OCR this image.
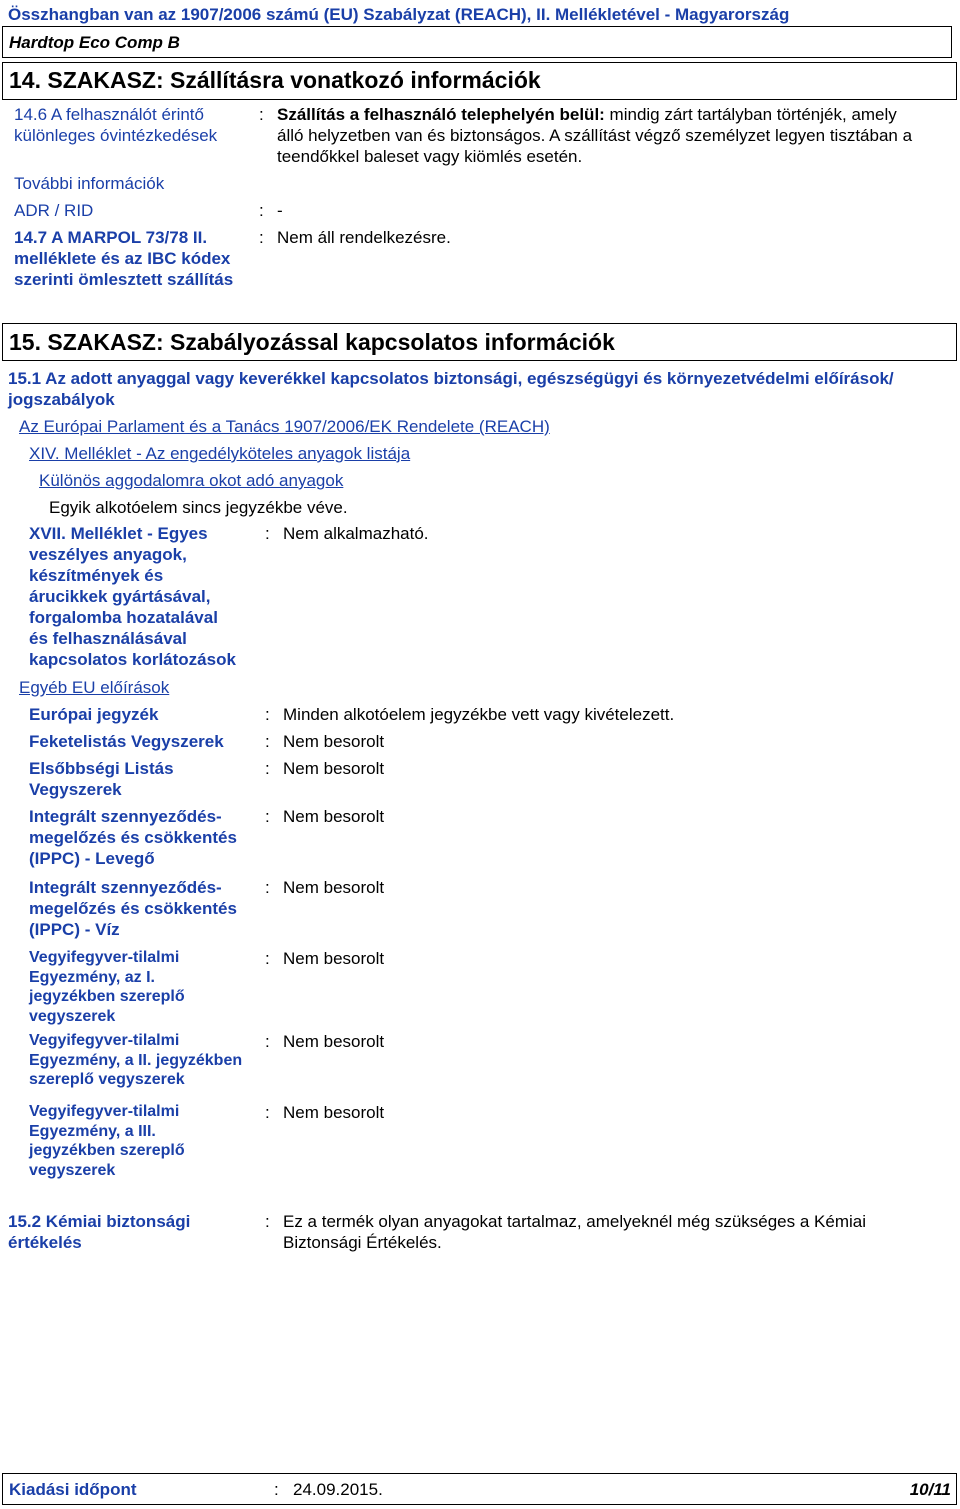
Összhangban van az 1907/2006 számú (EU) Szabályzat (REACH), II. Mellékletével - Magyarország
Hardtop Eco Comp B
14. SZAKASZ: Szállításra vonatkozó információk
14.6 A felhasználót érintő
különleges óvintézkedések
: Szállítás a felhasználó telephelyén belül: mindig zárt tartályban történjék, amely
álló helyzetben van és biztonságos. A szállítást végző személyzet legyen tisztában a
teendőkkel baleset vagy kiömlés esetén.
További információk
ADR / RID	: -
14.7 A MARPOL 73/78 II.
melléklete és az IBC kódex
szerinti ömlesztett szállítás
: Nem áll rendelkezésre.
15. SZAKASZ: Szabályozással kapcsolatos információk
15.1 Az adott anyaggal vagy keverékkel kapcsolatos biztonsági, egészségügyi és környezetvédelmi előírások/
jogszabályok
Az Európai Parlament és a Tanács 1907/2006/EK Rendelete (REACH)
XIV. Melléklet - Az engedélyköteles anyagok listája
Különös aggodalomra okot adó anyagok
Egyik alkotóelem sincs jegyzékbe véve.
XVII. Melléklet - Egyes
veszélyes anyagok,
készítmények és
árucikkek gyártásával,
forgalomba hozatalával
és felhasználásával
kapcsolatos korlátozások
: Nem alkalmazható.
Egyéb EU előírások
Európai jegyzék	: Minden alkotóelem jegyzékbe vett vagy kivételezett.
Feketelistás Vegyszerek : Nem besorolt
Elsőbbségi Listás
Vegyszerek
: Nem besorolt
Integrált szennyeződés-
megelőzés és csökkentés
(IPPC) - Levegő
: Nem besorolt
Integrált szennyeződés-
megelőzés és csökkentés
(IPPC) - Víz
: Nem besorolt
Vegyifegyver-tilalmi
Egyezmény, az I.
jegyzékben szereplő
vegyszerek
: Nem besorolt
Vegyifegyver-tilalmi
Egyezmény, a II. jegyzékben
szereplő vegyszerek
: Nem besorolt
Vegyifegyver-tilalmi
Egyezmény, a III.
jegyzékben szereplő
vegyszerek
: Nem besorolt
15.2 Kémiai biztonsági
értékelés
: Ez a termék olyan anyagokat tartalmaz, amelyeknél még szükséges a Kémiai
Biztonsági Értékelés.
Kiadási időpont	: 24.09.2015.	10/11
